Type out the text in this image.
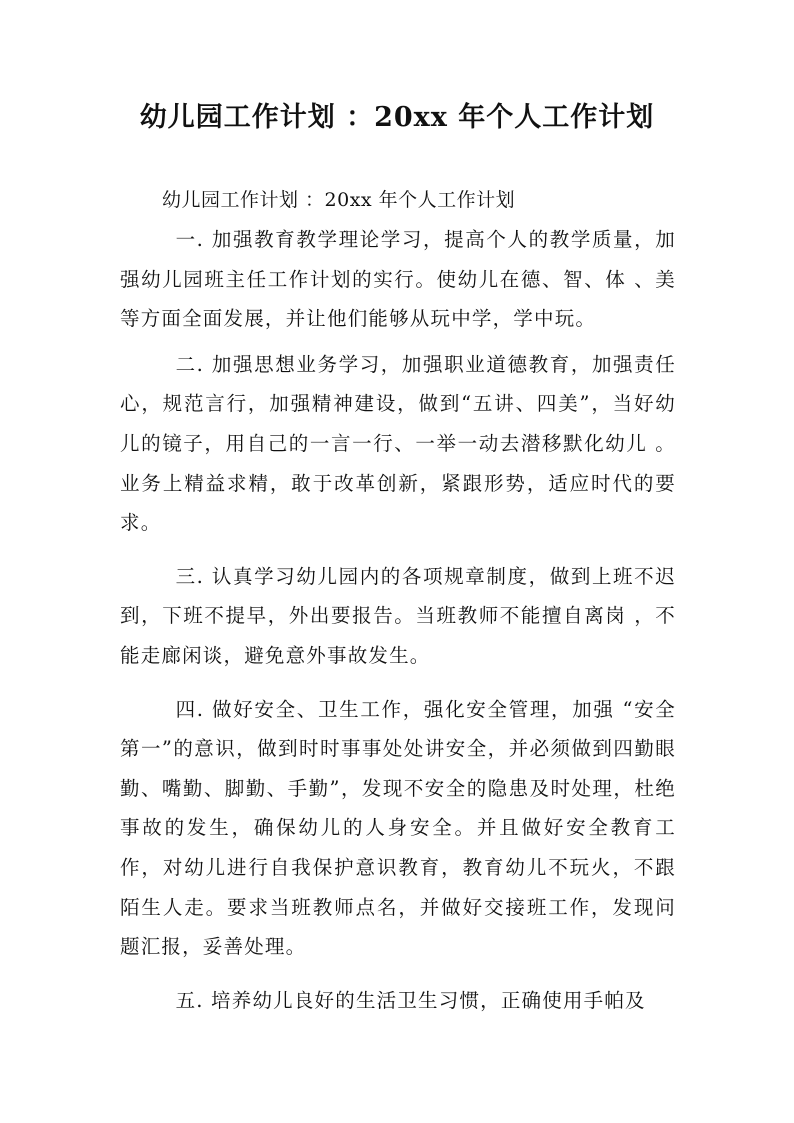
幼儿园工作计划 ：20xx 年个人工作计划

幼儿园工作计划 ：20xx 年个人工作计划

一. 加强教育教学理论学习，提高个人的教学质量，加强幼儿园班主任工作计划的实行。使幼儿在德、智、体 、美等方面全面发展，并让他们能够从玩中学，学中玩。

二. 加强思想业务学习，加强职业道德教育，加强责任心，规范言行，加强精神建设，做到“五讲、四美”，当好幼儿的镜子，用自己的一言一行、一举一动去潜移默化幼儿 。业务上精益求精，敢于改革创新，紧跟形势，适应时代的要求。

三. 认真学习幼儿园内的各项规章制度，做到上班不迟到，下班不提早，外出要报告。当班教师不能擅自离岗 ，不能走廊闲谈，避免意外事故发生。

四. 做好安全、卫生工作，强化安全管理，加强 “安全第一”的意识，做到时时事事处处讲安全，并必须做到四勤眼勤、嘴勤、脚勤、手勤”，发现不安全的隐患及时处理，杜绝事故的发生，确保幼儿的人身安全。并且做好安全教育工作，对幼儿进行自我保护意识教育，教育幼儿不玩火，不跟陌生人走。要求当班教师点名，并做好交接班工作，发现问题汇报，妥善处理。

五. 培养幼儿良好的生活卫生习惯，正确使用手帕及
